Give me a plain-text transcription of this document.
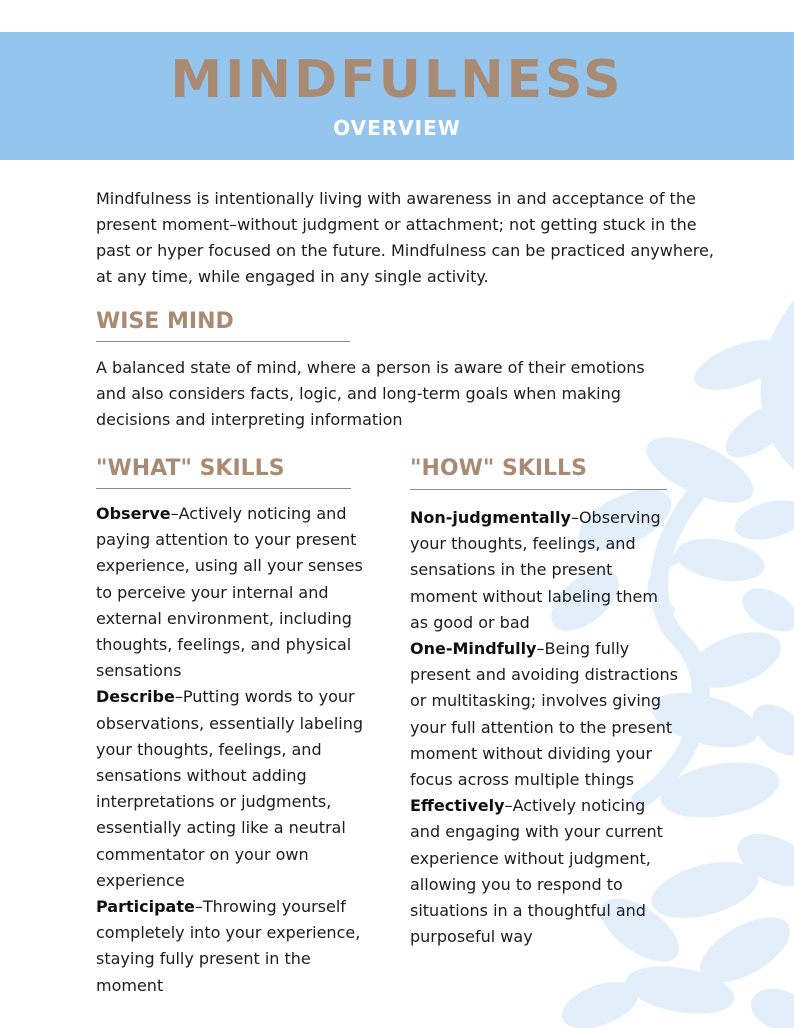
MINDFULNESS
OVERVIEW

Mindfulness is intentionally living with awareness in and acceptance of the present moment–without judgment or attachment; not getting stuck in the past or hyper focused on the future. Mindfulness can be practiced anywhere, at any time, while engaged in any single activity.

WISE MIND

A balanced state of mind, where a person is aware of their emotions and also considers facts, logic, and long-term goals when making decisions and interpreting information

"WHAT" SKILLS

Observe–Actively noticing and paying attention to your present experience, using all your senses to perceive your internal and external environment, including thoughts, feelings, and physical sensations

Describe–Putting words to your observations, essentially labeling your thoughts, feelings, and sensations without adding interpretations or judgments, essentially acting like a neutral commentator on your own experience

Participate–Throwing yourself completely into your experience, staying fully present in the moment

"HOW" SKILLS

Non-judgmentally–Observing your thoughts, feelings, and sensations in the present moment without labeling them as good or bad

One-Mindfully–Being fully present and avoiding distractions or multitasking; involves giving your full attention to the present moment without dividing your focus across multiple things

Effectively–Actively noticing and engaging with your current experience without judgment, allowing you to respond to situations in a thoughtful and purposeful way
